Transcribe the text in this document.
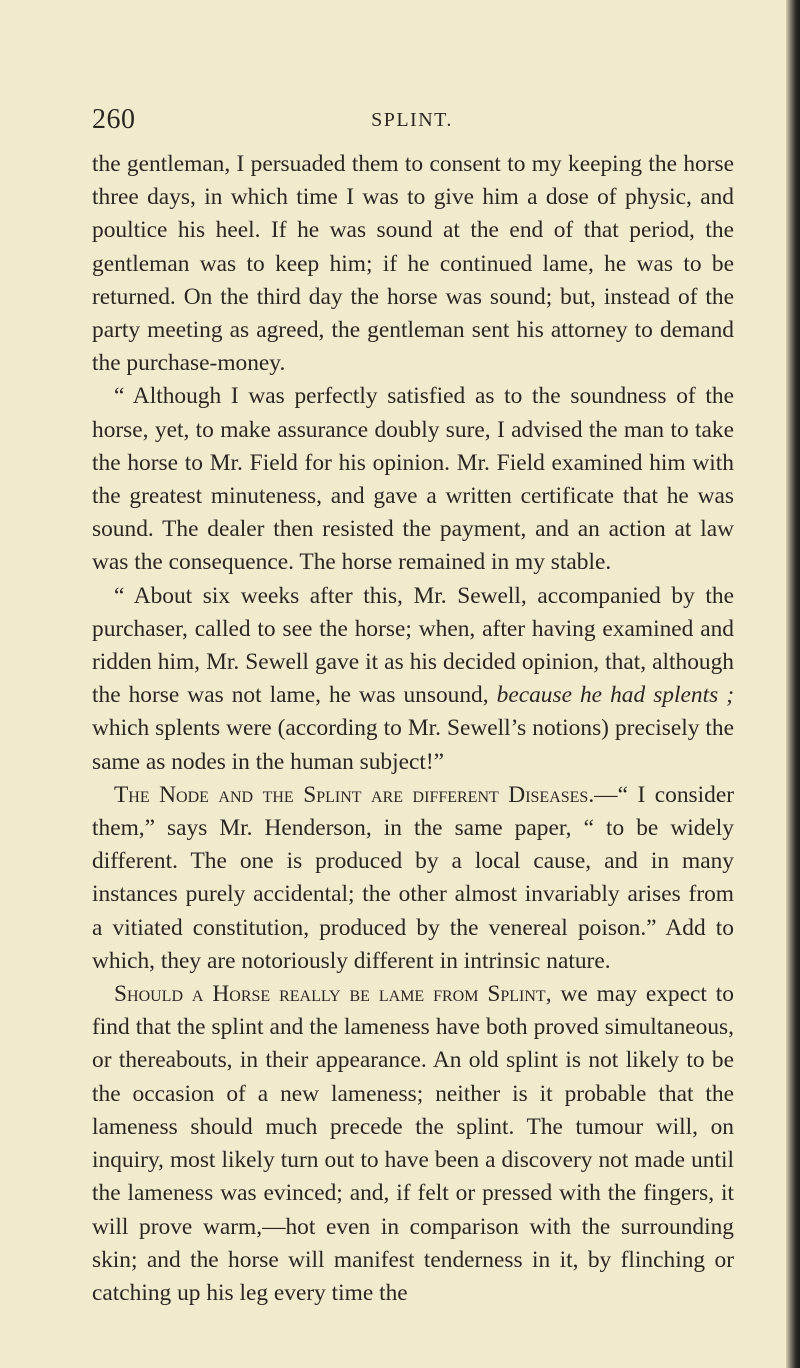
260	SPLINT.

the gentleman, I persuaded them to consent to my keeping the horse three days, in which time I was to give him a dose of physic, and poultice his heel. If he was sound at the end of that period, the gentleman was to keep him; if he continued lame, he was to be returned. On the third day the horse was sound; but, instead of the party meeting as agreed, the gentleman sent his attorney to demand the purchase-money.

“ Although I was perfectly satisfied as to the soundness of the horse, yet, to make assurance doubly sure, I advised the man to take the horse to Mr. Field for his opinion. Mr. Field examined him with the greatest minuteness, and gave a written certificate that he was sound. The dealer then resisted the payment, and an action at law was the consequence. The horse remained in my stable.

“ About six weeks after this, Mr. Sewell, accompanied by the purchaser, called to see the horse; when, after having examined and ridden him, Mr. Sewell gave it as his decided opinion, that, although the horse was not lame, he was unsound, because he had splents ; which splents were (according to Mr. Sewell’s notions) precisely the same as nodes in the human subject!”

The Node and the Splint are different Diseases.—“ I consider them,” says Mr. Henderson, in the same paper, “ to be widely different. The one is produced by a local cause, and in many instances purely accidental; the other almost invariably arises from a vitiated constitution, produced by the venereal poison.” Add to which, they are notoriously different in intrinsic nature.

Should a Horse really be lame from Splint, we may expect to find that the splint and the lameness have both proved simultaneous, or thereabouts, in their appearance. An old splint is not likely to be the occasion of a new lameness; neither is it probable that the lameness should much precede the splint. The tumour will, on inquiry, most likely turn out to have been a discovery not made until the lameness was evinced; and, if felt or pressed with the fingers, it will prove warm,—hot even in comparison with the surrounding skin; and the horse will manifest tenderness in it, by flinching or catching up his leg every time the
